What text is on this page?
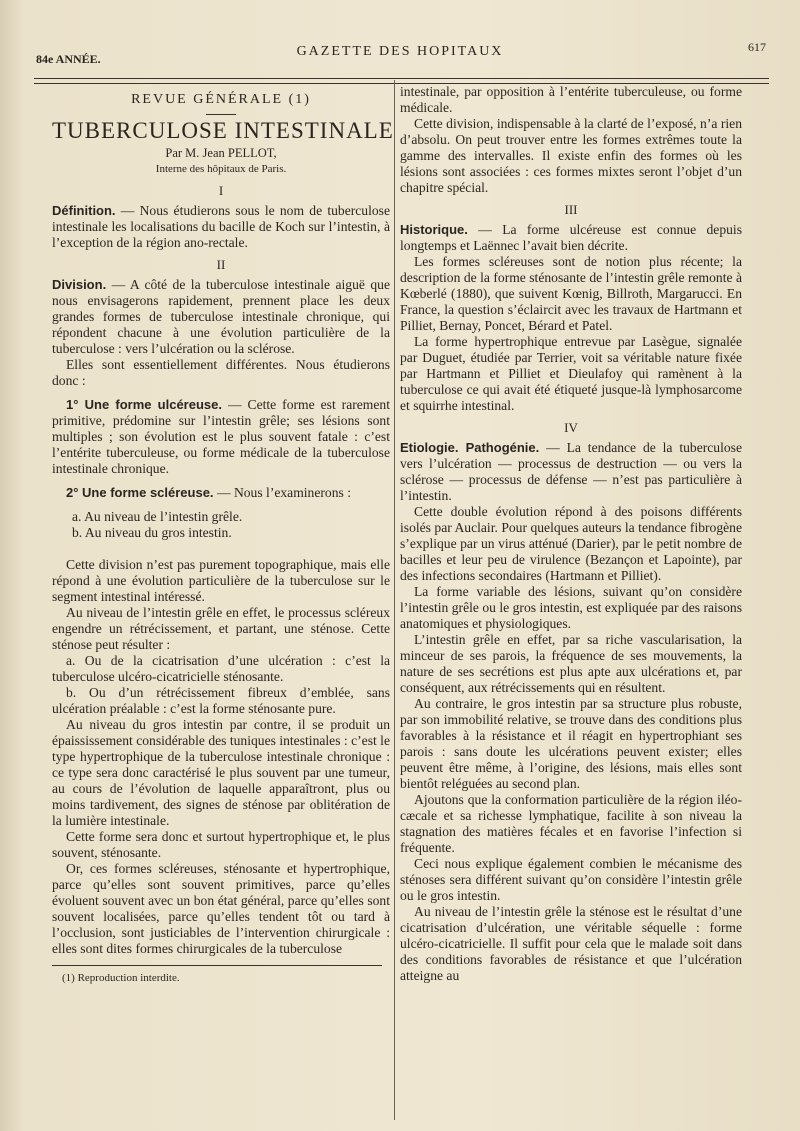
84e ANNÉE.	GAZETTE DES HOPITAUX	617

REVUE GÉNÉRALE (1)

TUBERCULOSE INTESTINALE

Par M. Jean PELLOT,

Interne des hôpitaux de Paris.

I

Définition. — Nous étudierons sous le nom de tuberculose intestinale les localisations du bacille de Koch sur l’intestin, à l’exception de la région ano-rectale.

II

Division. — A côté de la tuberculose intestinale aiguë que nous envisagerons rapidement, prennent place les deux grandes formes de tuberculose intestinale chronique, qui répondent chacune à une évolution particulière de la tuberculose : vers l’ulcération ou la sclérose.

Elles sont essentiellement différentes. Nous étudierons donc :

1° Une forme ulcéreuse. — Cette forme est rarement primitive, prédomine sur l’intestin grêle; ses lésions sont multiples ; son évolution est le plus souvent fatale : c’est l’entérite tuberculeuse, ou forme médicale de la tuberculose intestinale chronique.

2° Une forme scléreuse. — Nous l’examinerons :

a. Au niveau de l’intestin grêle.

b. Au niveau du gros intestin.

Cette division n’est pas purement topographique, mais elle répond à une évolution particulière de la tuberculose sur le segment intestinal intéressé.

Au niveau de l’intestin grêle en effet, le processus scléreux engendre un rétrécissement, et partant, une sténose. Cette sténose peut résulter :

a. Ou de la cicatrisation d’une ulcération : c’est la tuberculose ulcéro-cicatricielle sténosante.

b. Ou d’un rétrécissement fibreux d’emblée, sans ulcération préalable : c’est la forme sténosante pure.

Au niveau du gros intestin par contre, il se produit un épaississement considérable des tuniques intestinales : c’est le type hypertrophique de la tuberculose intestinale chronique : ce type sera donc caractérisé le plus souvent par une tumeur, au cours de l’évolution de laquelle apparaîtront, plus ou moins tardivement, des signes de sténose par oblitération de la lumière intestinale.

Cette forme sera donc et surtout hypertrophique et, le plus souvent, sténosante.

Or, ces formes scléreuses, sténosante et hypertrophique, parce qu’elles sont souvent primitives, parce qu’elles évoluent souvent avec un bon état général, parce qu’elles sont souvent localisées, parce qu’elles tendent tôt ou tard à l’occlusion, sont justiciables de l’intervention chirurgicale : elles sont dites formes chirurgicales de la tuberculose

(1) Reproduction interdite.

intestinale, par opposition à l’entérite tuberculeuse, ou forme médicale.

Cette division, indispensable à la clarté de l’exposé, n’a rien d’absolu. On peut trouver entre les formes extrêmes toute la gamme des intervalles. Il existe enfin des formes où les lésions sont associées : ces formes mixtes seront l’objet d’un chapitre spécial.

III

Historique. — La forme ulcéreuse est connue depuis longtemps et Laënnec l’avait bien décrite.

Les formes scléreuses sont de notion plus récente; la description de la forme sténosante de l’intestin grêle remonte à Kœberlé (1880), que suivent Kœnig, Billroth, Margarucci. En France, la question s’éclaircit avec les travaux de Hartmann et Pilliet, Bernay, Poncet, Bérard et Patel.

La forme hypertrophique entrevue par Lasègue, signalée par Duguet, étudiée par Terrier, voit sa véritable nature fixée par Hartmann et Pilliet et Dieulafoy qui ramènent à la tuberculose ce qui avait été étiqueté jusque-là lymphosarcome et squirrhe intestinal.

IV

Etiologie. Pathogénie. — La tendance de la tuberculose vers l’ulcération — processus de destruction — ou vers la sclérose — processus de défense — n’est pas particulière à l’intestin.

Cette double évolution répond à des poisons différents isolés par Auclair. Pour quelques auteurs la tendance fibrogène s’explique par un virus atténué (Darier), par le petit nombre de bacilles et leur peu de virulence (Bezançon et Lapointe), par des infections secondaires (Hartmann et Pilliet).

La forme variable des lésions, suivant qu’on considère l’intestin grêle ou le gros intestin, est expliquée par des raisons anatomiques et physiologiques.

L’intestin grêle en effet, par sa riche vascularisation, la minceur de ses parois, la fréquence de ses mouvements, la nature de ses secrétions est plus apte aux ulcérations et, par conséquent, aux rétrécissements qui en résultent.

Au contraire, le gros intestin par sa structure plus robuste, par son immobilité relative, se trouve dans des conditions plus favorables à la résistance et il réagit en hypertrophiant ses parois : sans doute les ulcérations peuvent exister; elles peuvent être même, à l’origine, des lésions, mais elles sont bientôt reléguées au second plan.

Ajoutons que la conformation particulière de la région iléo-cæcale et sa richesse lymphatique, facilite à son niveau la stagnation des matières fécales et en favorise l’infection si fréquente.

Ceci nous explique également combien le mécanisme des sténoses sera différent suivant qu’on considère l’intestin grêle ou le gros intestin.

Au niveau de l’intestin grêle la sténose est le résultat d’une cicatrisation d’ulcération, une véritable séquelle : forme ulcéro-cicatricielle. Il suffit pour cela que le malade soit dans des conditions favorables de résistance et que l’ulcération atteigne au
